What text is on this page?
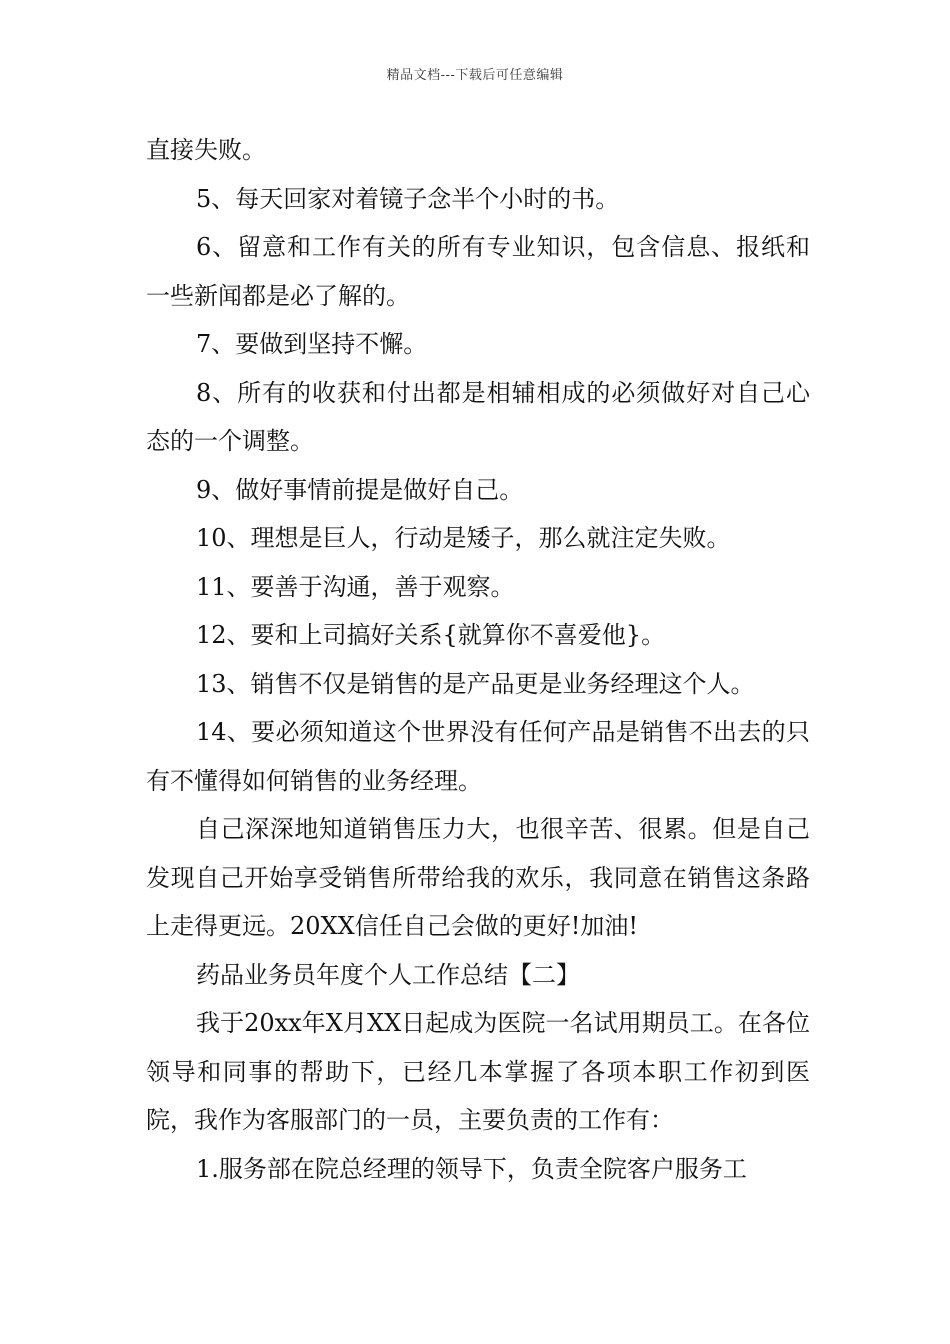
精品文档---下载后可任意编辑

直接失败。

5、每天回家对着镜子念半个小时的书。

6、留意和工作有关的所有专业知识，包含信息、报纸和一些新闻都是必了解的。

7、要做到坚持不懈。

8、所有的收获和付出都是相辅相成的必须做好对自己心态的一个调整。

9、做好事情前提是做好自己。

10、理想是巨人，行动是矮子，那么就注定失败。

11、要善于沟通，善于观察。

12、要和上司搞好关系{就算你不喜爱他}。

13、销售不仅是销售的是产品更是业务经理这个人。

14、要必须知道这个世界没有任何产品是销售不出去的只有不懂得如何销售的业务经理。

自己深深地知道销售压力大，也很辛苦、很累。但是自己发现自己开始享受销售所带给我的欢乐，我同意在销售这条路上走得更远。20XX信任自己会做的更好!加油!

药品业务员年度个人工作总结【二】

我于20xx年X月XX日起成为医院一名试用期员工。在各位领导和同事的帮助下，已经几本掌握了各项本职工作初到医院，我作为客服部门的一员，主要负责的工作有：

1.服务部在院总经理的领导下，负责全院客户服务工
